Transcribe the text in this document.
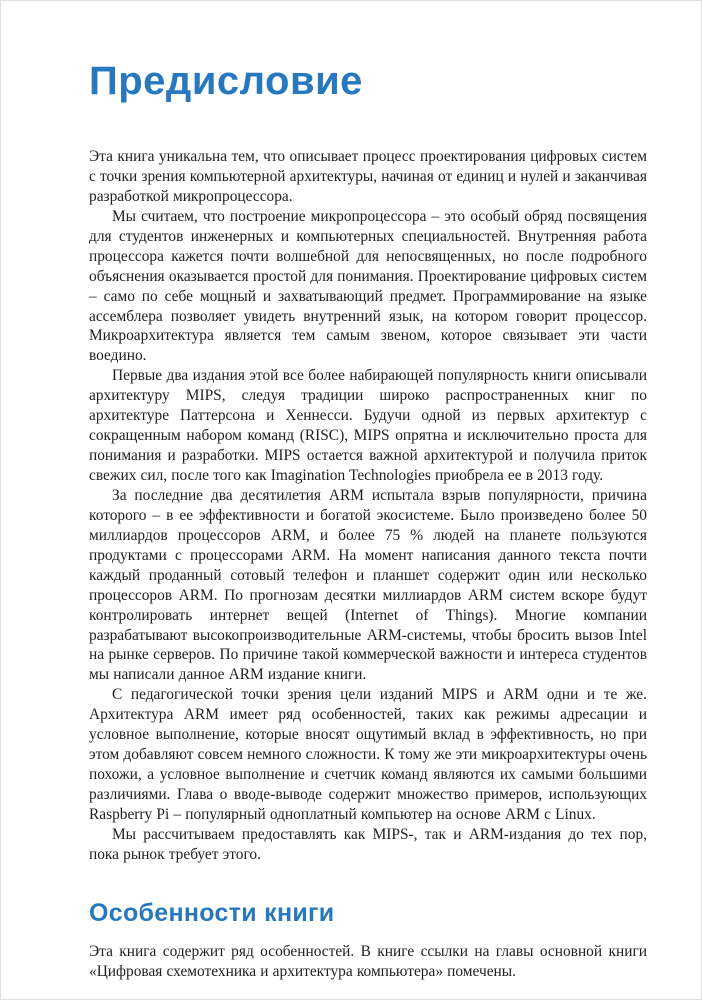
Предисловие

Эта книга уникальна тем, что описывает процесс проектирования цифровых систем с точки зрения компьютерной архитектуры, начиная от единиц и нулей и заканчивая разработкой микропроцессора.

Мы считаем, что построение микропроцессора – это особый обряд посвящения для студентов инженерных и компьютерных специальностей. Внутренняя работа процессора кажется почти волшебной для непосвященных, но после подробного объяснения оказывается простой для понимания. Проектирование цифровых систем – само по себе мощный и захватывающий предмет. Программирование на языке ассемблера позволяет увидеть внутренний язык, на котором говорит процессор. Микроархитектура является тем самым звеном, которое связывает эти части воедино.

Первые два издания этой все более набирающей популярность книги описывали архитектуру MIPS, следуя традиции широко распространенных книг по архитектуре Паттерсона и Хеннесси. Будучи одной из первых архитектур с сокращенным набором команд (RISC), MIPS опрятна и исключительно проста для понимания и разработки. MIPS остается важной архитектурой и получила приток свежих сил, после того как Imagination Technologies приобрела ее в 2013 году.

За последние два десятилетия ARM испытала взрыв популярности, причина которого – в ее эффективности и богатой экосистеме. Было произведено более 50 миллиардов процессоров ARM, и более 75 % людей на планете пользуются продуктами с процессорами ARM. На момент написания данного текста почти каждый проданный сотовый телефон и планшет содержит один или несколько процессоров ARM. По прогнозам десятки миллиардов ARM систем вскоре будут контролировать интернет вещей (Internet of Things). Многие компании разрабатывают высокопроизводительные ARM-системы, чтобы бросить вызов Intel на рынке серверов. По причине такой коммерческой важности и интереса студентов мы написали данное ARM издание книги.

С педагогической точки зрения цели изданий MIPS и ARM одни и те же. Архитектура ARM имеет ряд особенностей, таких как режимы адресации и условное выполнение, которые вносят ощутимый вклад в эффективность, но при этом добавляют совсем немного сложности. К тому же эти микроархитектуры очень похожи, а условное выполнение и счетчик команд являются их самыми большими различиями. Глава о вводе-выводе содержит множество примеров, использующих Raspberry Pi – популярный одноплатный компьютер на основе ARM с Linux.

Мы рассчитываем предоставлять как MIPS-, так и ARM-издания до тех пор, пока рынок требует этого.

Особенности книги

Эта книга содержит ряд особенностей. В книге ссылки на главы основной книги «Цифровая схемотехника и архитектура компьютера» помечены.
